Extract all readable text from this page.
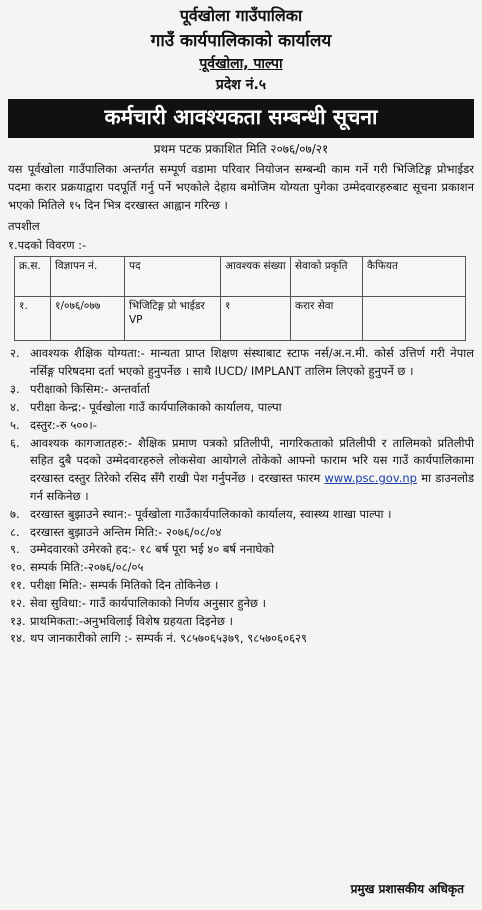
पूर्वखोला गाउँपालिका
गाउँ कार्यपालिकाको कार्यालय
पूर्वखोला, पाल्पा
प्रदेश नं.५
कर्मचारी आवश्यकता सम्बन्धी सूचना
प्रथम पटक प्रकाशित मिति २०७६/०७/२१
यस पूर्वखोला गाउँपालिका अन्तर्गत सम्पूर्ण वडामा परिवार नियोजन सम्बन्धी काम गर्ने गरी भिजिटिङ्ग प्रोभाईडर पदमा करार प्रक्रयाद्वारा पदपूर्ति गर्नु पर्ने भएकोले देहाय बमोजिम योग्यता पुगेका उम्मेदवारहरुबाट सूचना प्रकाशन भएको मितिले १५ दिन भित्र दरखास्त आह्वान गरिन्छ ।
तपशील
१.पदको विवरण :-
क्र.स.	विज्ञापन नं.	पद	आवश्यक संख्या	सेवाको प्रकृति	कैफियत
१.	१/०७६/०७७	भिजिटिङ्ग प्रो भाईडर VP	१	करार सेवा	
२. आवश्यक शैक्षिक योग्यता:- मान्यता प्राप्त शिक्षण संस्थाबाट स्टाफ नर्स/अ.न.मी. कोर्स उत्तिर्ण गरी नेपाल नर्सिङ्ग परिषदमा दर्ता भएको हुनुपर्नेछ । साथै IUCD/ IMPLANT तालिम लिएको हुनुपर्ने छ ।
३. परीक्षाको किसिम:- अन्तर्वार्ता
४. परीक्षा केन्द्र:- पूर्वखोला गाउँ कार्यपालिकाको कार्यालय, पाल्पा
५. दस्तुर:-रु ५००।-
६. आवश्यक कागजातहरु:- शैक्षिक प्रमाण पत्रको प्रतिलीपी, नागरिकताको प्रतिलीपी र तालिमको प्रतिलीपी सहित दुबै पदको उम्मेदवारहरुले लोकसेवा आयोगले तोकेको आफ्नो फाराम भरि यस गाउँ कार्यपालिकामा दरखास्त दस्तुर तिरेको रसिद सँगै राखी पेश गर्नुपर्नेछ । दरखास्त फारम www.psc.gov.np मा डाउनलोड गर्न सकिनेछ ।
७. दरखास्त बुझाउने स्थान:- पूर्वखोला गाउँकार्यपालिकाको कार्यालय, स्वास्थ्य शाखा पाल्पा ।
८. दरखास्त बुझाउने अन्तिम मिति:- २०७६/०८/०४
९. उम्मेदवारको उमेरको हद:- १८ बर्ष पूरा भई ४० बर्ष ननाघेको
१०. सम्पर्क मिति:-२०७६/०८/०५
११. परीक्षा मिति:- सम्पर्क मितिको दिन तोकिनेछ ।
१२. सेवा सुविधा:- गाउँ कार्यपालिकाको निर्णय अनुसार हुनेछ ।
१३. प्राथमिकता:-अनुभविलाई विशेष ग्रहयता दिइनेछ ।
१४. थप जानकारीको लागि :- सम्पर्क नं. ९८५७०६५३७९, ९८५७०६०६२९
प्रमुख प्रशासकीय अधिकृत
